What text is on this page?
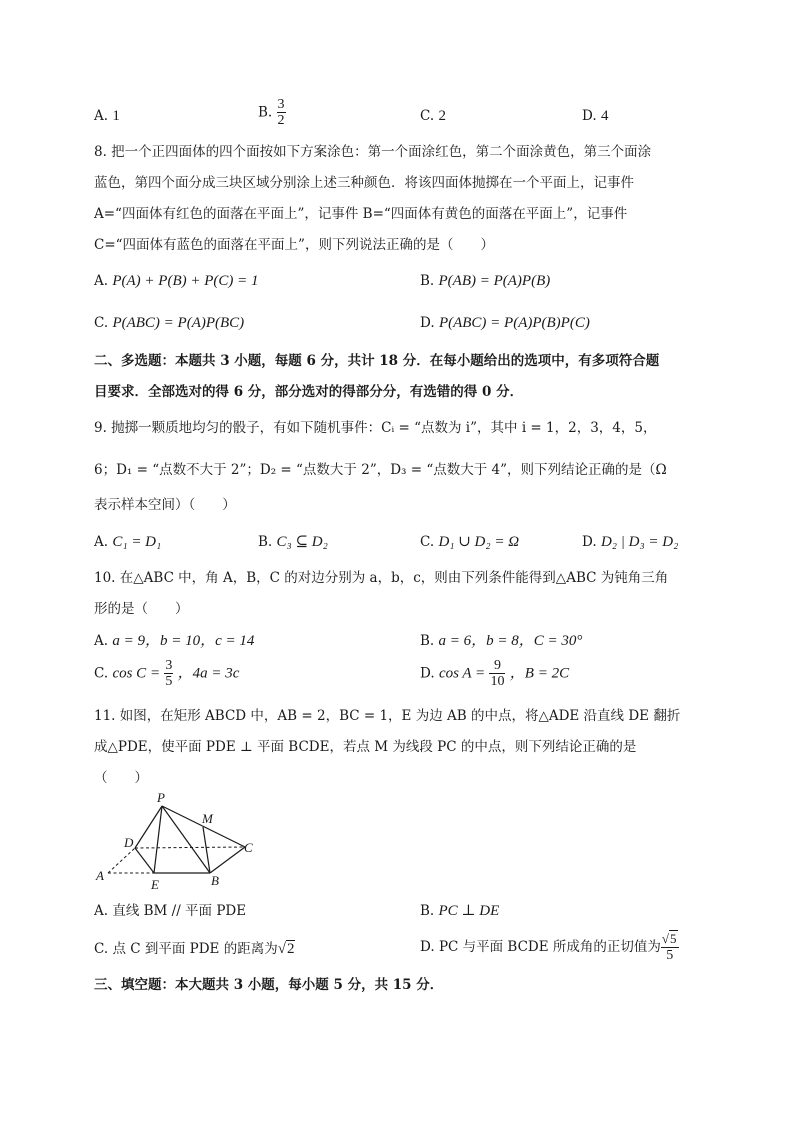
A. 1	B. $\frac{3}{2}$	C. 2	D. 4
8. 把一个正四面体的四个面按如下方案涂色：第一个面涂红色，第二个面涂黄色，第三个面涂
蓝色，第四个面分成三块区域分别涂上述三种颜色．将该四面体抛掷在一个平面上，记事件
A=“四面体有红色的面落在平面上”，记事件 B=“四面体有黄色的面落在平面上”，记事件
C=“四面体有蓝色的面落在平面上”，则下列说法正确的是（　　）
A. P(A) + P(B) + P(C) = 1	B. P(AB) = P(A)P(B)
C. P(ABC) = P(A)P(BC)	D. P(ABC) = P(A)P(B)P(C)
二、多选题：本题共 3 小题，每题 6 分，共计 18 分．在每小题给出的选项中，有多项符合题
目要求．全部选对的得 6 分，部分选对的得部分分，有选错的得 0 分．
9. 抛掷一颗质地均匀的骰子，有如下随机事件：Cᵢ = “点数为 i”，其中 i = 1，2，3，4，5，
6；D₁ = “点数不大于 2”；D₂ = “点数大于 2”，D₃ = “点数大于 4”，则下列结论正确的是（Ω
表示样本空间）（　　）
A. C₁ = D₁	B. C₃ ⊆ D₂	C. D₁ ∪ D₂ = Ω	D. D₂ | D₃ = D₂
10. 在△ABC 中，角 A，B，C 的对边分别为 a，b，c，则由下列条件能得到△ABC 为钝角三角
形的是（　　）
A. a = 9，b = 10，c = 14	B. a = 6，b = 8，C = 30°
C. $\cos C = \frac{3}{5}$ ，4a = 3c	D. $\cos A = \frac{9}{10}$ ，B = 2C
11. 如图，在矩形 ABCD 中，AB = 2，BC = 1，E 为边 AB 的中点，将△ADE 沿直线 DE 翻折
成△PDE，使平面 PDE ⊥ 平面 BCDE，若点 M 为线段 PC 的中点，则下列结论正确的是
（　　）
P
M
D	C
A
E	B
A. 直线 BM // 平面 PDE	B. PC ⊥ DE
C. 点 C 到平面 PDE 的距离为√2	D. PC 与平面 BCDE 所成角的正切值为 $\frac{√5}{5}$
三、填空题：本大题共 3 小题，每小题 5 分，共 15 分．
